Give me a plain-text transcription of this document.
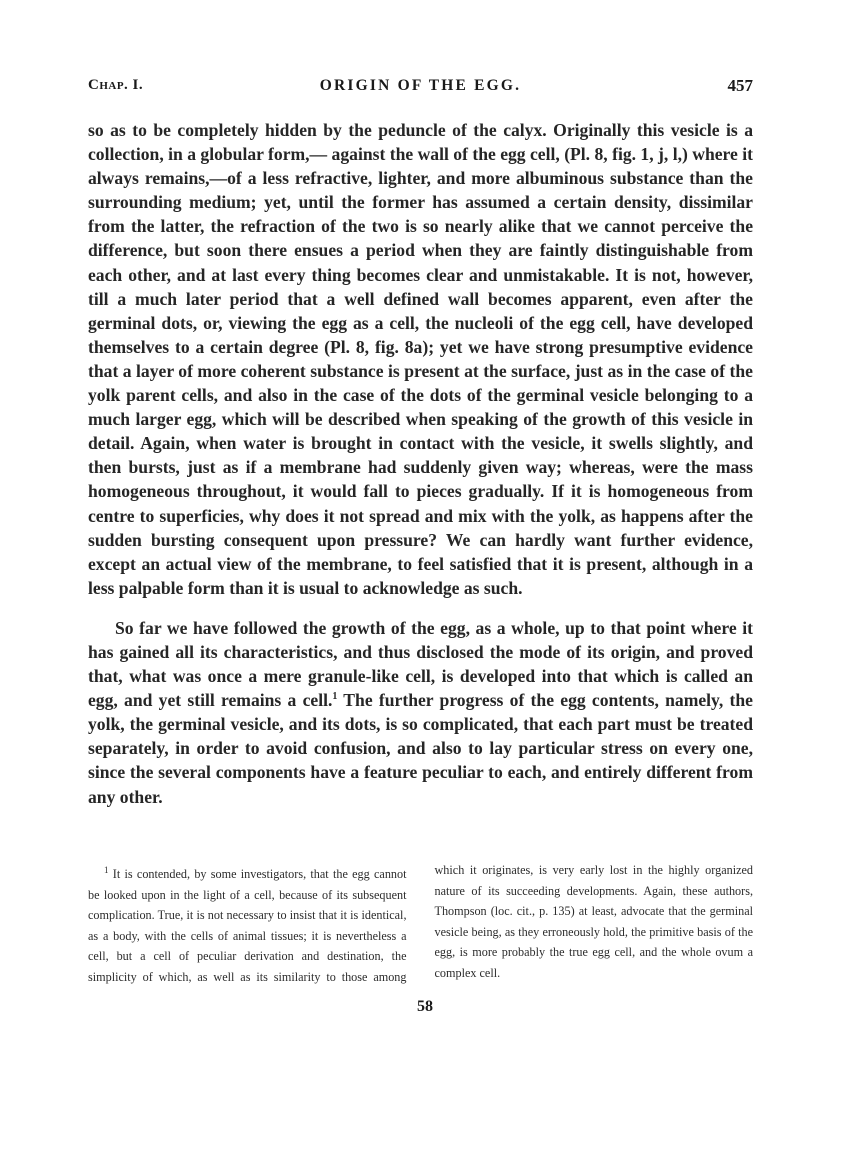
Chap. I.	ORIGIN OF THE EGG.	457

so as to be completely hidden by the peduncle of the calyx. Originally this vesicle is a collection, in a globular form,— against the wall of the egg cell, (Pl. 8, fig. 1, j, l,) where it always remains,—of a less refractive, lighter, and more albuminous substance than the surrounding medium; yet, until the former has assumed a certain density, dissimilar from the latter, the refraction of the two is so nearly alike that we cannot perceive the difference, but soon there ensues a period when they are faintly distinguishable from each other, and at last every thing becomes clear and unmistakable. It is not, however, till a much later period that a well defined wall becomes apparent, even after the germinal dots, or, viewing the egg as a cell, the nucleoli of the egg cell, have developed themselves to a certain degree (Pl. 8, fig. 8a); yet we have strong presumptive evidence that a layer of more coherent substance is present at the surface, just as in the case of the yolk parent cells, and also in the case of the dots of the germinal vesicle belonging to a much larger egg, which will be described when speaking of the growth of this vesicle in detail. Again, when water is brought in contact with the vesicle, it swells slightly, and then bursts, just as if a membrane had suddenly given way; whereas, were the mass homogeneous throughout, it would fall to pieces gradually. If it is homogeneous from centre to superficies, why does it not spread and mix with the yolk, as happens after the sudden bursting consequent upon pressure? We can hardly want further evidence, except an actual view of the membrane, to feel satisfied that it is present, although in a less palpable form than it is usual to acknowledge as such.

So far we have followed the growth of the egg, as a whole, up to that point where it has gained all its characteristics, and thus disclosed the mode of its origin, and proved that, what was once a mere granule-like cell, is developed into that which is called an egg, and yet still remains a cell.$^1$ The further progress of the egg contents, namely, the yolk, the germinal vesicle, and its dots, is so complicated, that each part must be treated separately, in order to avoid confusion, and also to lay particular stress on every one, since the several components have a feature peculiar to each, and entirely different from any other.

$^1$ It is contended, by some investigators, that the egg cannot be looked upon in the light of a cell, because of its subsequent complication. True, it is not necessary to insist that it is identical, as a body, with the cells of animal tissues; it is nevertheless a cell, but a cell of peculiar derivation and destination, the simplicity of which, as well as its similarity to those among which it originates, is very early lost in the highly organized nature of its succeeding developments. Again, these authors, Thompson (loc. cit., p. 135) at least, advocate that the germinal vesicle being, as they erroneously hold, the primitive basis of the egg, is more probably the true egg cell, and the whole ovum a complex cell.

58
